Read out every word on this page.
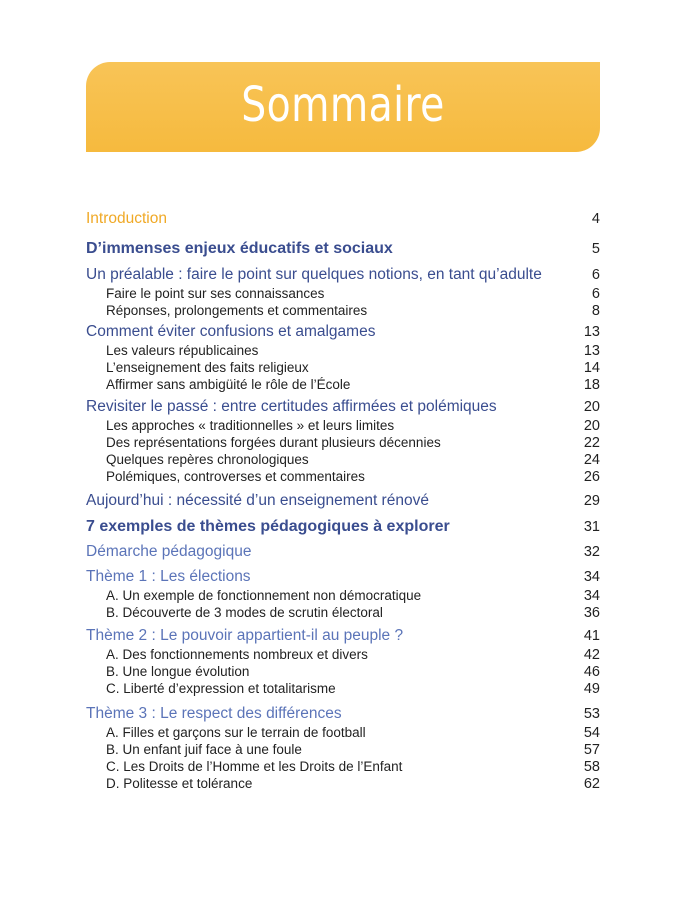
Sommaire
Introduction	4
D’immenses enjeux éducatifs et sociaux	5
Un préalable : faire le point sur quelques notions, en tant qu’adulte	6
Faire le point sur ses connaissances	6
Réponses, prolongements et commentaires	8
Comment éviter confusions et amalgames	13
Les valeurs républicaines	13
L’enseignement des faits religieux	14
Affirmer sans ambigüité le rôle de l’École	18
Revisiter le passé : entre certitudes affirmées et polémiques	20
Les approches « traditionnelles » et leurs limites	20
Des représentations forgées durant plusieurs décennies	22
Quelques repères chronologiques	24
Polémiques, controverses et commentaires	26
Aujourd’hui : nécessité d’un enseignement rénové	29
7 exemples de thèmes pédagogiques à explorer	31
Démarche pédagogique	32
Thème 1 : Les élections	34
A. Un exemple de fonctionnement non démocratique	34
B. Découverte de 3 modes de scrutin électoral	36
Thème 2 : Le pouvoir appartient-il au peuple ?	41
A. Des fonctionnements nombreux et divers	42
B. Une longue évolution	46
C. Liberté d’expression et totalitarisme	49
Thème 3 : Le respect des différences	53
A. Filles et garçons sur le terrain de football	54
B. Un enfant juif face à une foule	57
C. Les Droits de l’Homme et les Droits de l’Enfant	58
D. Politesse et tolérance	62
